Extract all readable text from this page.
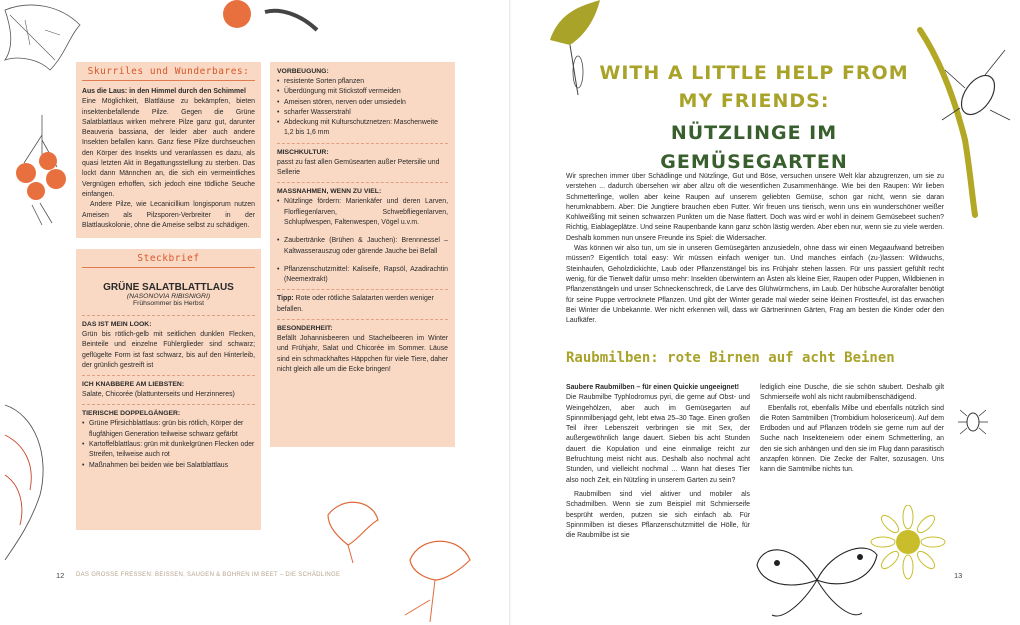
Skurriles und Wunderbares:

Aus die Laus: in den Himmel durch den Schimmel

Eine Möglichkeit, Blattläuse zu bekämpfen, bieten insektenbefallende Pilze. Gegen die Grüne Salatblattlaus wirken mehrere Pilze ganz gut, darunter Beauveria bassiana, der leider aber auch andere Insekten befallen kann. Ganz fiese Pilze durchseuchen den Körper des Insekts und veranlassen es dazu, als quasi letzten Akt in Begattungsstellung zu sterben. Das lockt dann Männchen an, die sich ein vermeintliches Vergnügen erhoffen, sich jedoch eine tödliche Seuche einfangen.

Andere Pilze, wie Lecanicillium longisporum nutzen Ameisen als Pilzsporen-Verbreiter in der Blattlauskolonie, ohne die Ameise selbst zu schädigen.

Steckbrief
GRÜNE SALATBLATTLAUS
(NASONOVIA RIBISNIGRI)
Frühsommer bis Herbst

DAS IST MEIN LOOK:

Grün bis rötlich-gelb mit seitlichen dunklen Flecken, Beinteile und einzelne Fühlerglieder sind schwarz; geflügelte Form ist fast schwarz, bis auf den Hinterleib, der grünlich gestreift ist

ICH KNABBERE AM LIEBSTEN:

Salate, Chicorée (blattunterseits und Herzinneres)

TIERISCHE DOPPELGÄNGER:

• Grüne Pfirsichblattlaus: grün bis rötlich, Körper der flugfähigen Generation teilweise schwarz gefärbt
• Kartoffelblattlaus: grün mit dunkelgrünen Flecken oder Streifen, teilweise auch rot
• Maßnahmen bei beiden wie bei Salatblattlaus

VORBEUGUNG:

• resistente Sorten pflanzen
• Überdüngung mit Stickstoff vermeiden
• Ameisen stören, nerven oder umsiedeln
• scharfer Wasserstrahl
• Abdeckung mit Kulturschutznetzen: Maschenweite 1,2 bis 1,6 mm

MISCHKULTUR:

passt zu fast allen Gemüsearten außer Petersilie und Sellerie

MASSNAHMEN, WENN ZU VIEL:

• Nützlinge fördern: Marienkäfer und deren Larven, Florfliegenlarven, Schwebfliegenlarven, Schlupfwespen, Faltenwespen, Vögel u.v.m.
• Zaubertränke (Brühen & Jauchen): Brennnessel – Kaltwasserauszug oder gärende Jauche bei Befall
• Pflanzenschutzmittel: Kaliseife, Rapsöl, Azadirachtin (Neemextrakt)

Tipp: Rote oder rötliche Salatarten werden weniger befallen.

BESONDERHEIT:

Befällt Johannisbeeren und Stachelbeeren im Winter und Frühjahr, Salat und Chicorée im Sommer. Läuse sind ein schmackhaftes Häppchen für viele Tiere, daher nicht gleich alle um die Ecke bringen!

12 DAS GROSSE FRESSEN: BEISSEN, SAUGEN & BOHREN IM BEET – DIE SCHÄDLINGE
WITH A LITTLE HELP FROM
MY FRIENDS:
NÜTZLINGE IM GEMÜSEGARTEN

Wir sprechen immer über Schädlinge und Nützlinge, Gut und Böse, versuchen unsere Welt klar abzugrenzen, um sie zu verstehen ... dadurch übersehen wir aber allzu oft die wesentlichen Zusammenhänge. Wie bei den Raupen: Wir lieben Schmetterlinge, wollen aber keine Raupen auf unserem geliebten Gemüse, schon gar nicht, wenn sie daran herumknabbern. Aber: Die Jungtiere brauchen eben Futter. Wir freuen uns tierisch, wenn uns ein wunderschöner weißer Kohlweißling mit seinen schwarzen Punkten um die Nase flattert. Doch was wird er wohl in deinem Gemüsebeet suchen? Richtig, Eiablageplätze. Und seine Raupenbande kann ganz schön lästig werden. Aber eben nur, wenn sie zu viele werden. Deshalb kommen nun unsere Freunde ins Spiel: die Widersacher.

Was können wir also tun, um sie in unseren Gemüsegärten anzusiedeln, ohne dass wir einen Megaaufwand betreiben müssen? Eigentlich total easy: Wir müssen einfach weniger tun. Und manches einfach (zu-)lassen: Wildwuchs, Steinhaufen, Geholzdickichte, Laub oder Pflanzenstängel bis ins Frühjahr stehen lassen. Für uns passiert gefühlt recht wenig, für die Tierwelt dafür umso mehr: Insekten überwintern an Ästen als kleine Eier, Raupen oder Puppen, Wildbienen in Pflanzenstängeln und unser Schneckenschreck, die Larve des Glühwürmchens, im Laub. Der hübsche Aurorafalter benötigt für seine Puppe vertrocknete Pflanzen. Und gibt der Winter gerade mal wieder seine kleinen Frostteufel, ist das erwachen Bei Winter die Unbekannte. Wer nicht erkennen will, dass wir Gärtnerinnen Gärten, Frag am besten die Kinder oder den Laufkäfer.

Raubmilben: rote Birnen auf acht Beinen

Saubere Raubmilben – für einen Quickie ungeeignet!

Die Raubmilbe Typhlodromus pyri, die gerne auf Obst- und Weingehölzen, aber auch im Gemüsegarten auf Spinnmilbenjagd geht, lebt etwa 25–30 Tage. Einen großen Teil ihrer Lebenszeit verbringen sie mit Sex, der außergewöhnlich lange dauert. Sieben bis acht Stunden dauert die Kopulation und eine einmalige reicht zur Befruchtung meist nicht aus. Deshalb also nochmal acht Stunden, und vielleicht nochmal ... Wann hat dieses Tier also noch Zeit, ein Nützling in unserem Garten zu sein?

Raubmilben sind viel aktiver und mobiler als Schadmilben. Wenn sie zum Beispiel mit Schmierseife besprüht werden, putzen sie sich einfach ab. Für Spinnmilben ist dieses Pflanzenschutzmittel die Hölle, für die Raubmilbe ist sie

lediglich eine Dusche, die sie schön säubert. Deshalb gilt Schmierseife wohl als nicht raubmilbenschädigend.

Ebenfalls rot, ebenfalls Milbe und ebenfalls nützlich sind die Roten Samtmilben (Trombidium holosericeum). Auf dem Erdboden und auf Pflanzen trödeln sie gerne rum auf der Suche nach Insekteneiern oder einem Schmetterling, an den sie sich anhängen und den sie im Flug dann parasitisch anzapfen können. Die Zecke der Falter, sozusagen. Uns kann die Samtmilbe nichts tun.

13
